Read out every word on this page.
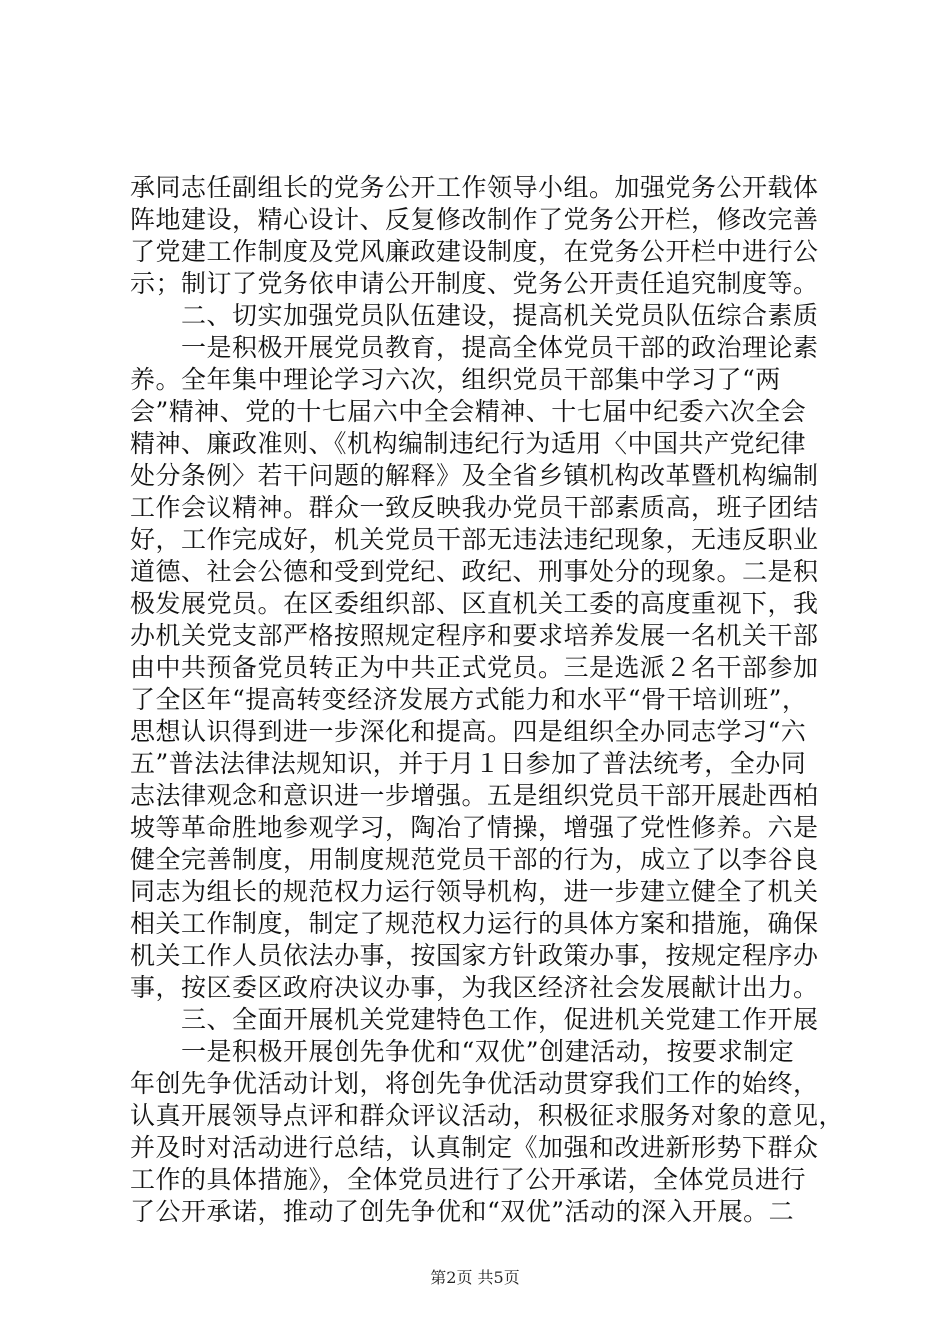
承同志任副组长的党务公开工作领导小组。加强党务公开载体
阵地建设，精心设计、反复修改制作了党务公开栏，修改完善
了党建工作制度及党风廉政建设制度，在党务公开栏中进行公
示；制订了党务依申请公开制度、党务公开责任追究制度等。
　　二、切实加强党员队伍建设，提高机关党员队伍综合素质
　　一是积极开展党员教育，提高全体党员干部的政治理论素
养。全年集中理论学习六次，组织党员干部集中学习了“两
会”精神、党的十七届六中全会精神、十七届中纪委六次全会
精神、廉政准则、《机构编制违纪行为适用〈中国共产党纪律
处分条例〉若干问题的解释》及全省乡镇机构改革暨机构编制
工作会议精神。群众一致反映我办党员干部素质高，班子团结
好，工作完成好，机关党员干部无违法违纪现象，无违反职业
道德、社会公德和受到党纪、政纪、刑事处分的现象。二是积
极发展党员。在区委组织部、区直机关工委的高度重视下，我
办机关党支部严格按照规定程序和要求培养发展一名机关干部
由中共预备党员转正为中共正式党员。三是选派２名干部参加
了全区年“提高转变经济发展方式能力和水平“骨干培训班”，
思想认识得到进一步深化和提高。四是组织全办同志学习“六
五”普法法律法规知识，并于月１日参加了普法统考，全办同
志法律观念和意识进一步增强。五是组织党员干部开展赴西柏
坡等革命胜地参观学习，陶冶了情操，增强了党性修养。六是
健全完善制度，用制度规范党员干部的行为，成立了以李谷良
同志为组长的规范权力运行领导机构，进一步建立健全了机关
相关工作制度，制定了规范权力运行的具体方案和措施，确保
机关工作人员依法办事，按国家方针政策办事，按规定程序办
事，按区委区政府决议办事，为我区经济社会发展献计出力。
　　三、全面开展机关党建特色工作，促进机关党建工作开展
　　一是积极开展创先争优和“双优”创建活动，按要求制定
年创先争优活动计划，将创先争优活动贯穿我们工作的始终，
认真开展领导点评和群众评议活动，积极征求服务对象的意见，
并及时对活动进行总结，认真制定《加强和改进新形势下群众
工作的具体措施》，全体党员进行了公开承诺，全体党员进行
了公开承诺，推动了创先争优和“双优”活动的深入开展。二
第2页 共5页
